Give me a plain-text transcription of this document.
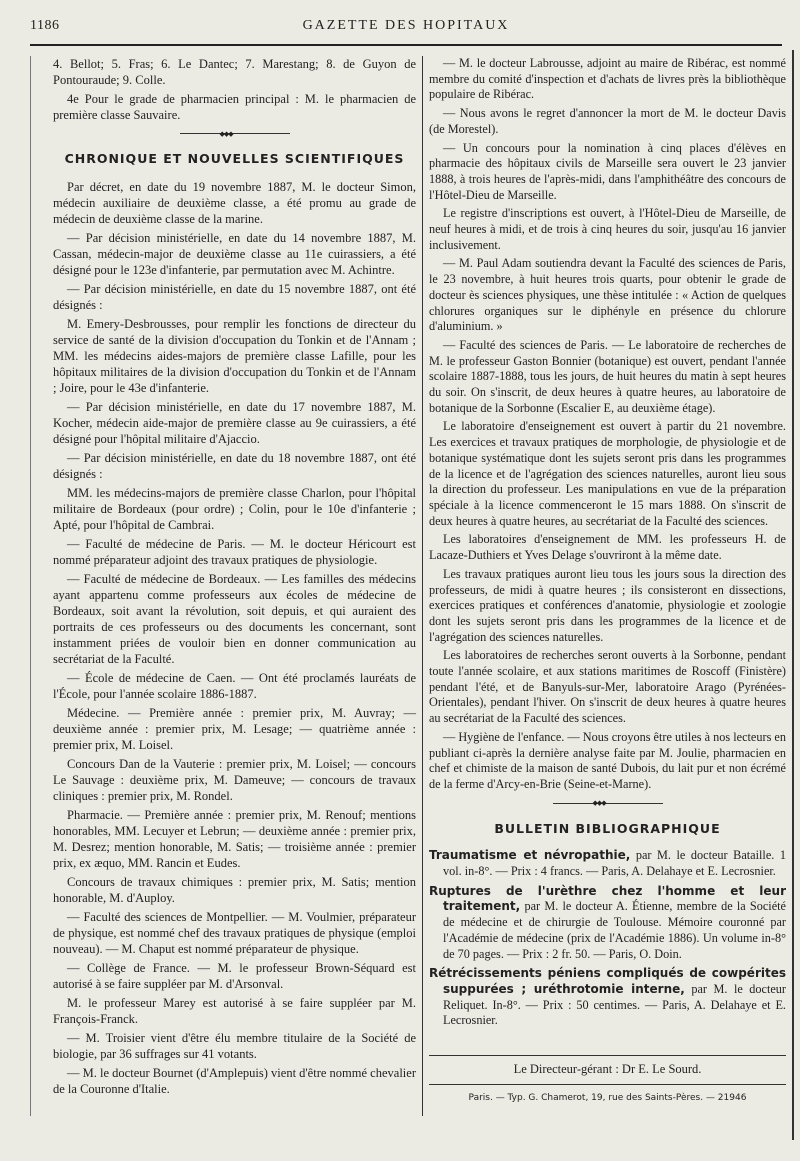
1186	GAZETTE DES HOPITAUX

4. Bellot; 5. Fras; 6. Le Dantec; 7. Marestang; 8. de Guyon de Pontouraude; 9. Colle.

4e Pour le grade de pharmacien principal : M. le pharmacien de première classe Sauvaire.

◆◆◆
CHRONIQUE ET NOUVELLES SCIENTIFIQUES

Par décret, en date du 19 novembre 1887, M. le docteur Simon, médecin auxiliaire de deuxième classe, a été promu au grade de médecin de deuxième classe de la marine.

— Par décision ministérielle, en date du 14 novembre 1887, M. Cassan, médecin-major de deuxième classe au 11e cuirassiers, a été désigné pour le 123e d'infanterie, par permutation avec M. Achintre.

— Par décision ministérielle, en date du 15 novembre 1887, ont été désignés :

M. Emery-Desbrousses, pour remplir les fonctions de directeur du service de santé de la division d'occupation du Tonkin et de l'Annam ; MM. les médecins aides-majors de première classe Lafille, pour les hôpitaux militaires de la division d'occupation du Tonkin et de l'Annam ; Joire, pour le 43e d'infanterie.

— Par décision ministérielle, en date du 17 novembre 1887, M. Kocher, médecin aide-major de première classe au 9e cuirassiers, a été désigné pour l'hôpital militaire d'Ajaccio.

— Par décision ministérielle, en date du 18 novembre 1887, ont été désignés :

MM. les médecins-majors de première classe Charlon, pour l'hôpital militaire de Bordeaux (pour ordre) ; Colin, pour le 10e d'infanterie ; Apté, pour l'hôpital de Cambrai.

— Faculté de médecine de Paris. — M. le docteur Héricourt est nommé préparateur adjoint des travaux pratiques de physiologie.

— Faculté de médecine de Bordeaux. — Les familles des médecins ayant appartenu comme professeurs aux écoles de médecine de Bordeaux, soit avant la révolution, soit depuis, et qui auraient des portraits de ces professeurs ou des documents les concernant, sont instamment priées de vouloir bien en donner communication au secrétariat de la Faculté.

— École de médecine de Caen. — Ont été proclamés lauréats de l'École, pour l'année scolaire 1886-1887.

Médecine. — Première année : premier prix, M. Auvray; — deuxième année : premier prix, M. Lesage; — quatrième année : premier prix, M. Loisel.

Concours Dan de la Vauterie : premier prix, M. Loisel; — concours Le Sauvage : deuxième prix, M. Dameuve; — concours de travaux cliniques : premier prix, M. Rondel.

Pharmacie. — Première année : premier prix, M. Renouf; mentions honorables, MM. Lecuyer et Lebrun; — deuxième année : premier prix, M. Desrez; mention honorable, M. Satis; — troisième année : premier prix, ex æquo, MM. Rancin et Eudes.

Concours de travaux chimiques : premier prix, M. Satis; mention honorable, M. d'Auploy.

— Faculté des sciences de Montpellier. — M. Voulmier, préparateur de physique, est nommé chef des travaux pratiques de physique (emploi nouveau). — M. Chaput est nommé préparateur de physique.

— Collège de France. — M. le professeur Brown-Séquard est autorisé à se faire suppléer par M. d'Arsonval.

M. le professeur Marey est autorisé à se faire suppléer par M. François-Franck.

— M. Troisier vient d'être élu membre titulaire de la Société de biologie, par 36 suffrages sur 41 votants.

— M. le docteur Bournet (d'Amplepuis) vient d'être nommé chevalier de la Couronne d'Italie.

— M. le docteur Labrousse, adjoint au maire de Ribérac, est nommé membre du comité d'inspection et d'achats de livres près la bibliothèque populaire de Ribérac.

— Nous avons le regret d'annoncer la mort de M. le docteur Davis (de Morestel).

— Un concours pour la nomination à cinq places d'élèves en pharmacie des hôpitaux civils de Marseille sera ouvert le 23 janvier 1888, à trois heures de l'après-midi, dans l'amphithéâtre des concours de l'Hôtel-Dieu de Marseille.

Le registre d'inscriptions est ouvert, à l'Hôtel-Dieu de Marseille, de neuf heures à midi, et de trois à cinq heures du soir, jusqu'au 16 janvier inclusivement.

— M. Paul Adam soutiendra devant la Faculté des sciences de Paris, le 23 novembre, à huit heures trois quarts, pour obtenir le grade de docteur ès sciences physiques, une thèse intitulée : « Action de quelques chlorures organiques sur le diphényle en présence du chlorure d'aluminium. »

— Faculté des sciences de Paris. — Le laboratoire de recherches de M. le professeur Gaston Bonnier (botanique) est ouvert, pendant l'année scolaire 1887-1888, tous les jours, de huit heures du matin à sept heures du soir. On s'inscrit, de deux heures à quatre heures, au laboratoire de botanique de la Sorbonne (Escalier E, au deuxième étage).

Le laboratoire d'enseignement est ouvert à partir du 21 novembre. Les exercices et travaux pratiques de morphologie, de physiologie et de botanique systématique dont les sujets seront pris dans les programmes de la licence et de l'agrégation des sciences naturelles, auront lieu sous la direction du professeur. Les manipulations en vue de la préparation spéciale à la licence commenceront le 15 mars 1888. On s'inscrit de deux heures à quatre heures, au secrétariat de la Faculté des sciences.

Les laboratoires d'enseignement de MM. les professeurs H. de Lacaze-Duthiers et Yves Delage s'ouvriront à la même date.

Les travaux pratiques auront lieu tous les jours sous la direction des professeurs, de midi à quatre heures ; ils consisteront en dissections, exercices pratiques et conférences d'anatomie, physiologie et zoologie dont les sujets seront pris dans les programmes de la licence et de l'agrégation des sciences naturelles.

Les laboratoires de recherches seront ouverts à la Sorbonne, pendant toute l'année scolaire, et aux stations maritimes de Roscoff (Finistère) pendant l'été, et de Banyuls-sur-Mer, laboratoire Arago (Pyrénées-Orientales), pendant l'hiver. On s'inscrit de deux heures à quatre heures au secrétariat de la Faculté des sciences.

— Hygiène de l'enfance. — Nous croyons être utiles à nos lecteurs en publiant ci-après la dernière analyse faite par M. Joulie, pharmacien en chef et chimiste de la maison de santé Dubois, du lait pur et non écrémé de la ferme d'Arcy-en-Brie (Seine-et-Marne).

◆◆◆
BULLETIN BIBLIOGRAPHIQUE

Traumatisme et névropathie, par M. le docteur Bataille. 1 vol. in-8°. — Prix : 4 francs. — Paris, A. Delahaye et E. Lecrosnier.

Ruptures de l'urèthre chez l'homme et leur traitement, par M. le docteur A. Étienne, membre de la Société de médecine et de chirurgie de Toulouse. Mémoire couronné par l'Académie de médecine (prix de l'Académie 1886). Un volume in-8° de 70 pages. — Prix : 2 fr. 50. — Paris, O. Doin.

Rétrécissements péniens compliqués de cowpérites suppurées ; uréthrotomie interne, par M. le docteur Reliquet. In-8°. — Prix : 50 centimes. — Paris, A. Delahaye et E. Lecrosnier.

Le Directeur-gérant : Dr E. Le Sourd.
Paris. — Typ. G. Chamerot, 19, rue des Saints-Pères. — 21946
